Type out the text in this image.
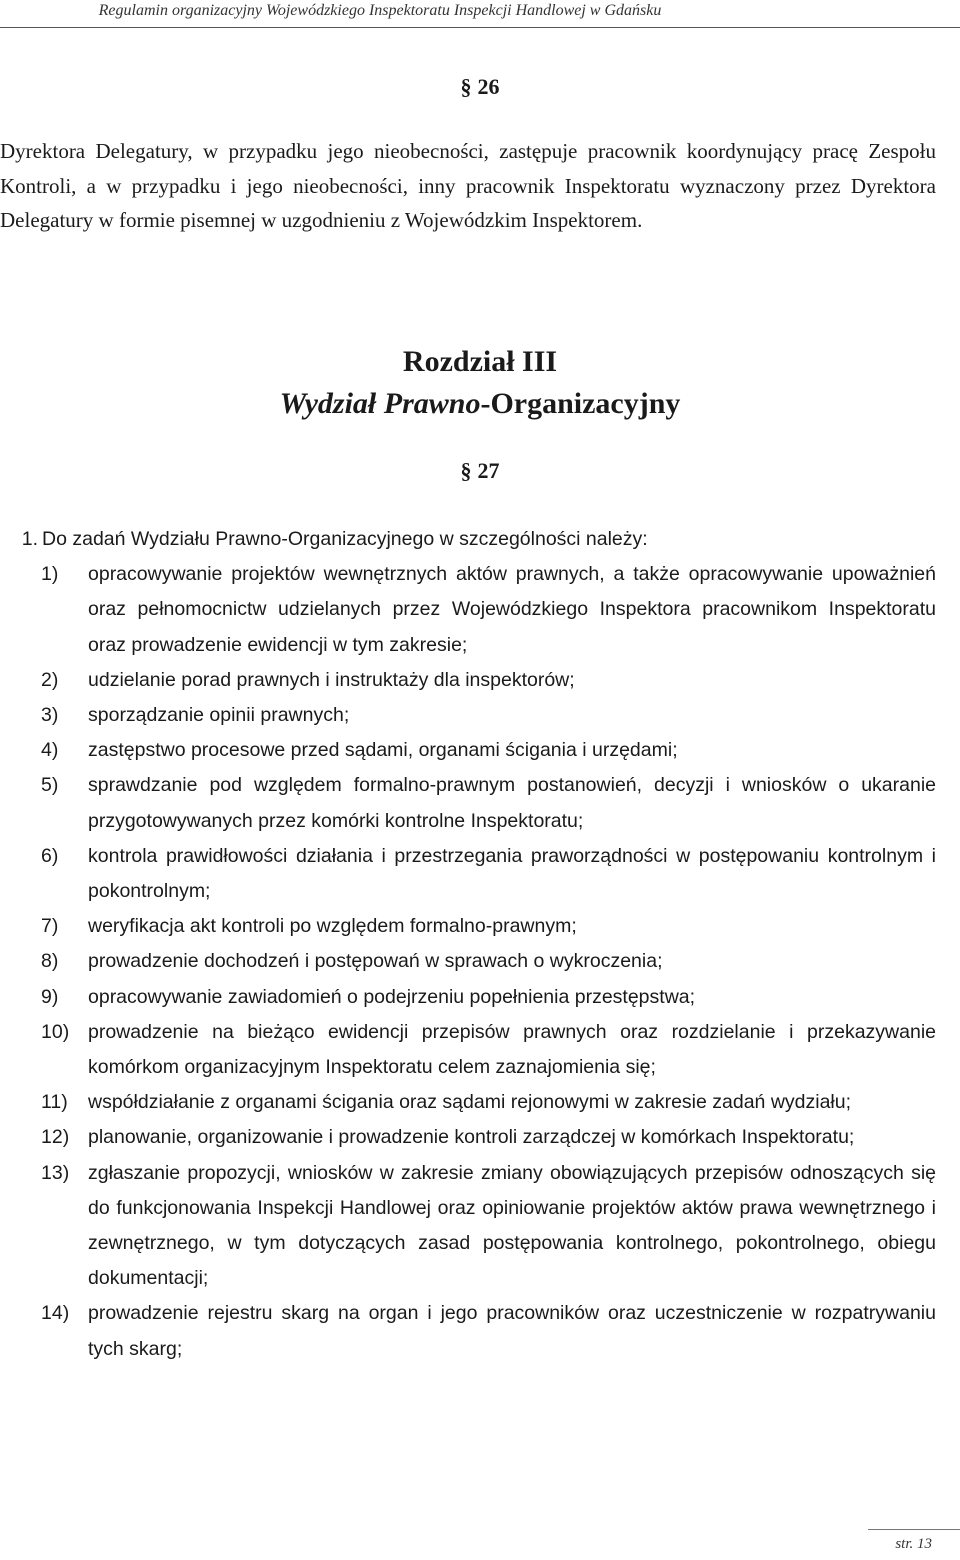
Regulamin organizacyjny Wojewódzkiego Inspektoratu Inspekcji Handlowej w Gdańsku
§ 26

Dyrektora Delegatury, w przypadku jego nieobecności, zastępuje pracownik koordynujący pracę Zespołu Kontroli, a w przypadku i jego nieobecności, inny pracownik Inspektoratu wyznaczony przez Dyrektora Delegatury w formie pisemnej w uzgodnieniu z Wojewódzkim Inspektorem.

Rozdział III
Wydział Prawno-Organizacyjny
§ 27
1. Do zadań Wydziału Prawno-Organizacyjnego w szczególności należy:
1)	opracowywanie projektów wewnętrznych aktów prawnych, a także opracowywanie upoważnień oraz pełnomocnictw udzielanych przez Wojewódzkiego Inspektora pracownikom Inspektoratu oraz prowadzenie ewidencji w tym zakresie;
2)	udzielanie porad prawnych i instruktaży dla inspektorów;
3)	sporządzanie opinii prawnych;
4)	zastępstwo procesowe przed sądami, organami ścigania i urzędami;
5)	sprawdzanie pod względem formalno-prawnym postanowień, decyzji i wniosków o ukaranie przygotowywanych przez komórki kontrolne Inspektoratu;
6)	kontrola prawidłowości działania i przestrzegania praworządności w postępowaniu kontrolnym i pokontrolnym;
7)	weryfikacja akt kontroli po względem formalno-prawnym;
8)	prowadzenie dochodzeń i postępowań w sprawach o wykroczenia;
9)	opracowywanie zawiadomień o podejrzeniu popełnienia przestępstwa;
10) prowadzenie na bieżąco ewidencji przepisów prawnych oraz rozdzielanie i przekazywanie komórkom organizacyjnym Inspektoratu celem zaznajomienia się;
11)	współdziałanie z organami ścigania oraz sądami rejonowymi w zakresie zadań wydziału;
12) planowanie, organizowanie i prowadzenie kontroli zarządczej w komórkach Inspektoratu;
13) zgłaszanie propozycji, wniosków w zakresie zmiany obowiązujących przepisów odnoszących się do funkcjonowania Inspekcji Handlowej oraz opiniowanie projektów aktów prawa wewnętrznego i zewnętrznego, w tym dotyczących zasad postępowania kontrolnego, pokontrolnego, obiegu dokumentacji;
14) prowadzenie rejestru skarg na organ i jego pracowników oraz uczestniczenie w rozpatrywaniu tych skarg;
str. 13
